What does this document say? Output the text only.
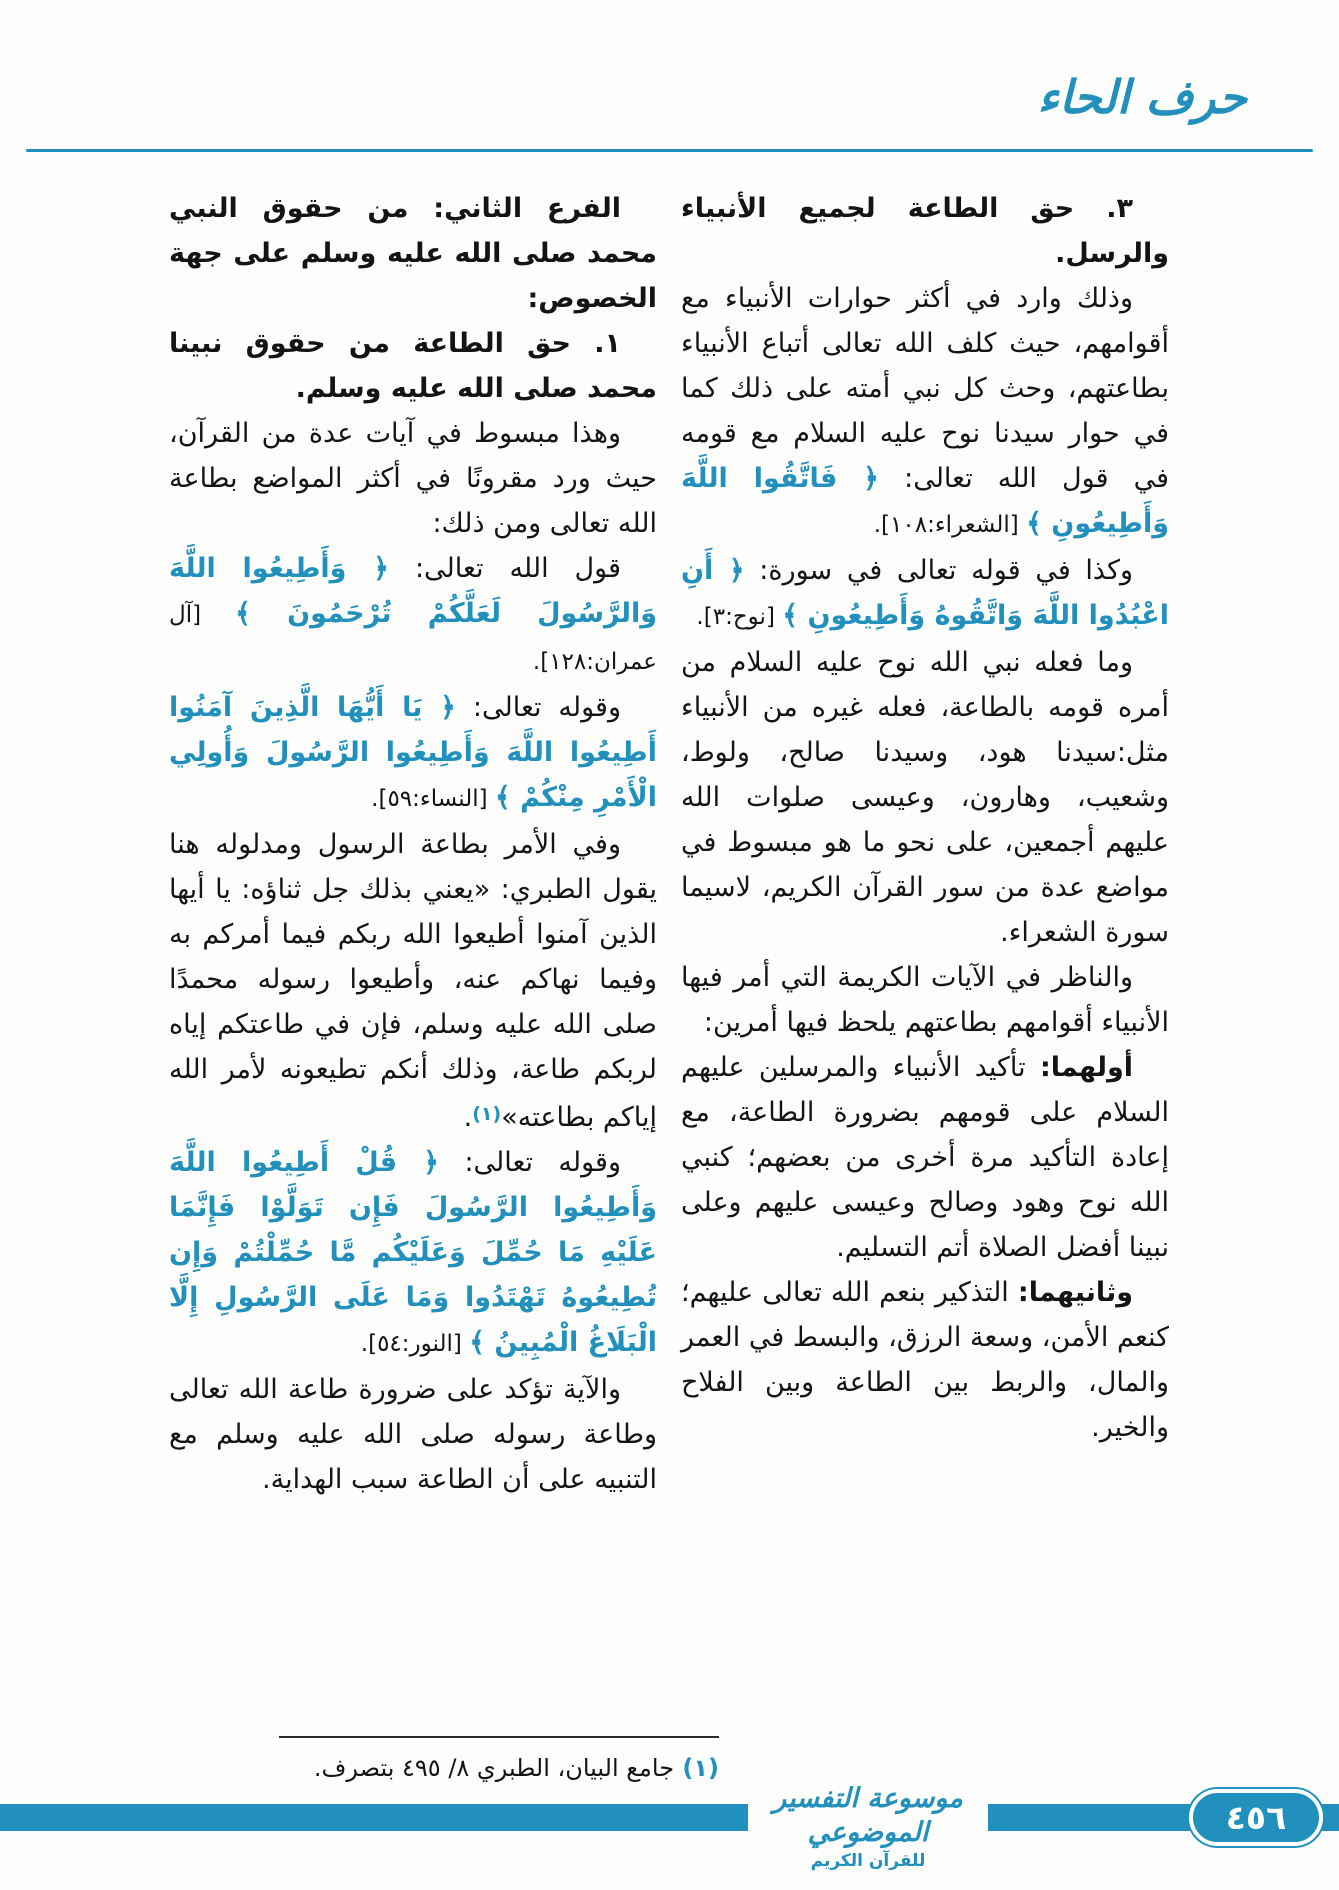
حرف الحاء

٣. حق الطاعة لجميع الأنبياء والرسل.

وذلك وارد في أكثر حوارات الأنبياء مع أقوامهم، حيث كلف الله تعالى أتباع الأنبياء بطاعتهم، وحث كل نبي أمته على ذلك كما في حوار سيدنا نوح عليه السلام مع قومه في قول الله تعالى: ﴿ فَاتَّقُوا اللَّهَ وَأَطِيعُونِ ﴾ [الشعراء:١٠٨].

وكذا في قوله تعالى في سورة: ﴿ أَنِ اعْبُدُوا اللَّهَ وَاتَّقُوهُ وَأَطِيعُونِ ﴾ [نوح:٣].

وما فعله نبي الله نوح عليه السلام من أمره قومه بالطاعة، فعله غيره من الأنبياء مثل:سيدنا هود، وسيدنا صالح، ولوط، وشعيب، وهارون، وعيسى صلوات الله عليهم أجمعين، على نحو ما هو مبسوط في مواضع عدة من سور القرآن الكريم، لاسيما سورة الشعراء.

والناظر في الآيات الكريمة التي أمر فيها الأنبياء أقوامهم بطاعتهم يلحظ فيها أمرين:

أولهما: تأكيد الأنبياء والمرسلين عليهم السلام على قومهم بضرورة الطاعة، مع إعادة التأكيد مرة أخرى من بعضهم؛ كنبي الله نوح وهود وصالح وعيسى عليهم وعلى نبينا أفضل الصلاة أتم التسليم.

وثانيهما: التذكير بنعم الله تعالى عليهم؛ كنعم الأمن، وسعة الرزق، والبسط في العمر والمال، والربط بين الطاعة وبين الفلاح والخير.

الفرع الثاني: من حقوق النبي محمد صلى الله عليه وسلم على جهة الخصوص:

١. حق الطاعة من حقوق نبينا محمد صلى الله عليه وسلم.

وهذا مبسوط في آيات عدة من القرآن، حيث ورد مقرونًا في أكثر المواضع بطاعة الله تعالى ومن ذلك:

قول الله تعالى: ﴿ وَأَطِيعُوا اللَّهَ وَالرَّسُولَ لَعَلَّكُمْ تُرْحَمُونَ ﴾ [آل عمران:١٢٨].

وقوله تعالى: ﴿ يَا أَيُّهَا الَّذِينَ آمَنُوا أَطِيعُوا اللَّهَ وَأَطِيعُوا الرَّسُولَ وَأُولِي الْأَمْرِ مِنْكُمْ ﴾ [النساء:٥٩].

وفي الأمر بطاعة الرسول ومدلوله هنا يقول الطبري: «يعني بذلك جل ثناؤه: يا أيها الذين آمنوا أطيعوا الله ربكم فيما أمركم به وفيما نهاكم عنه، وأطيعوا رسوله محمدًا صلى الله عليه وسلم، فإن في طاعتكم إياه لربكم طاعة، وذلك أنكم تطيعونه لأمر الله إياكم بطاعته»$^{(١)}$.

وقوله تعالى: ﴿ قُلْ أَطِيعُوا اللَّهَ وَأَطِيعُوا الرَّسُولَ فَإِن تَوَلَّوْا فَإِنَّمَا عَلَيْهِ مَا حُمِّلَ وَعَلَيْكُم مَّا حُمِّلْتُمْ وَإِن تُطِيعُوهُ تَهْتَدُوا وَمَا عَلَى الرَّسُولِ إِلَّا الْبَلَاغُ الْمُبِينُ ﴾ [النور:٥٤].

والآية تؤكد على ضرورة طاعة الله تعالى وطاعة رسوله صلى الله عليه وسلم مع التنبيه على أن الطاعة سبب الهداية.

(١) جامع البيان، الطبري ٨/ ٤٩٥ بتصرف.

موسوعة التفسير الموضوعي
للقرآن الكريم
٤٥٦
